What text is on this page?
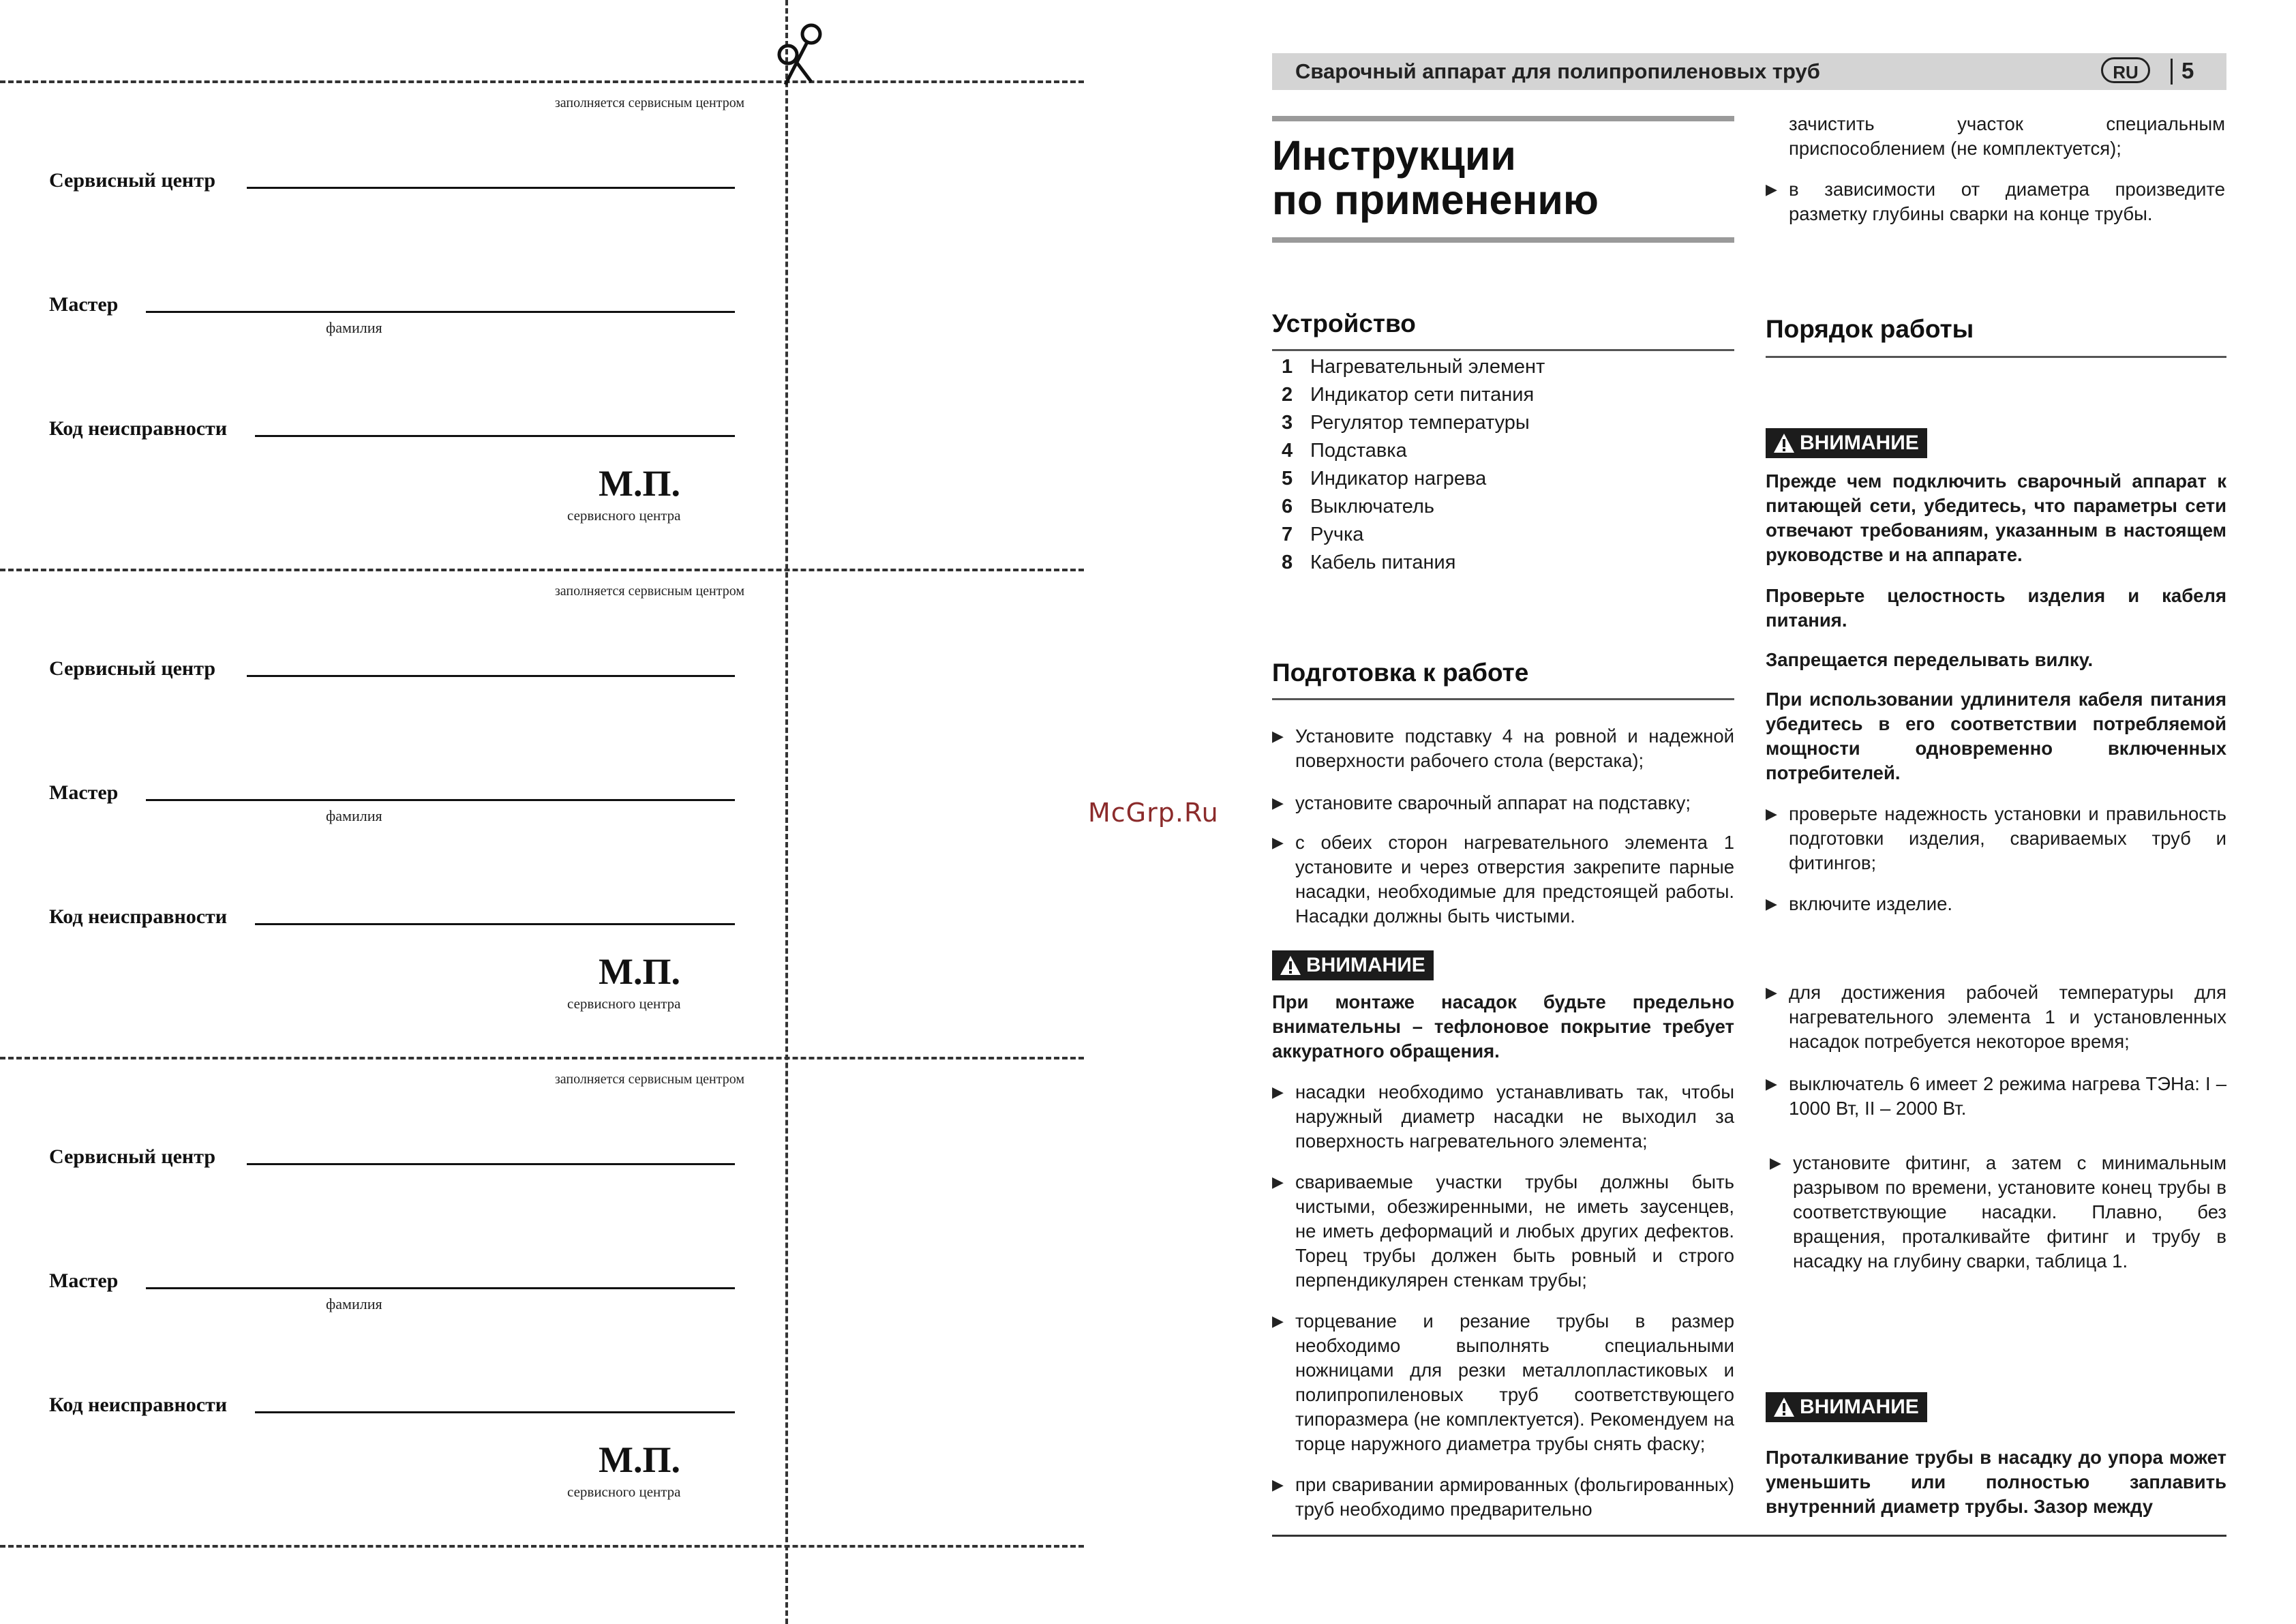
заполняется сервисным центром
Сервисный центр
Мастер
фамилия
Код неисправности
М.П.
сервисного центра
заполняется сервисным центром
Сервисный центр
Мастер
фамилия
Код неисправности
М.П.
сервисного центра
заполняется сервисным центром
Сервисный центр
Мастер
фамилия
Код неисправности
М.П.
сервисного центра
McGrp.Ru
Сварочный аппарат для полипропиленовых труб	RU	5
Инструкции
по применению
Устройство
1 Нагревательный элемент
2 Индикатор сети питания
3 Регулятор температуры
4 Подставка
5 Индикатор нагрева
6 Выключатель
7 Ручка
8 Кабель питания
Подготовка к работе
▶ Установите подставку 4 на ровной и надежной поверхности рабочего стола (верстака);
▶ установите сварочный аппарат на подставку;
▶ с обеих сторон нагревательного элемента 1 установите и через отверстия закрепите парные насадки, необходимые для предстоящей работы. Насадки должны быть чистыми.
ВНИМАНИЕ
При монтаже насадок будьте предельно внимательны – тефлоновое покрытие требует аккуратного обращения.
▶ насадки необходимо устанавливать так, чтобы наружный диаметр насадки не выходил за поверхность нагревательного элемента;
▶ свариваемые участки трубы должны быть чистыми, обезжиренными, не иметь заусенцев, не иметь деформаций и любых других дефектов. Торец трубы должен быть ровный и строго перпендикулярен стенкам трубы;
▶ торцевание и резание трубы в размер необходимо выполнять специальными ножницами для резки металлопластиковых и полипропиленовых труб соответствующего типоразмера (не комплектуется). Рекомендуем на торце наружного диаметра трубы снять фаску;
▶ при сваривании армированных (фольгированных) труб необходимо предварительно
зачистить участок специальным приспособлением (не комплектуется);
▶ в зависимости от диаметра произведите разметку глубины сварки на конце трубы.
Порядок работы
ВНИМАНИЕ
Прежде чем подключить сварочный аппарат к питающей сети, убедитесь, что параметры сети отвечают требованиям, указанным в настоящем руководстве и на аппарате.
Проверьте целостность изделия и кабеля питания.
Запрещается переделывать вилку.
При использовании удлинителя кабеля питания убедитесь в его соответствии потребляемой мощности одновременно включенных потребителей.
▶ проверьте надежность установки и правильность подготовки изделия, свариваемых труб и фитингов;
▶ включите изделие.
▶ для достижения рабочей температуры для нагревательного элемента 1 и установленных насадок потребуется некоторое время;
▶ выключатель 6 имеет 2 режима нагрева ТЭНа: I – 1000 Вт, II – 2000 Вт.
▶ установите фитинг, а затем с минимальным разрывом по времени, установите конец трубы в соответствующие насадки. Плавно, без вращения, проталкивайте фитинг и трубу в насадку на глубину сварки, таблица 1.
ВНИМАНИЕ
Проталкивание трубы в насадку до упора может уменьшить или полностью заплавить внутренний диаметр трубы. Зазор между
